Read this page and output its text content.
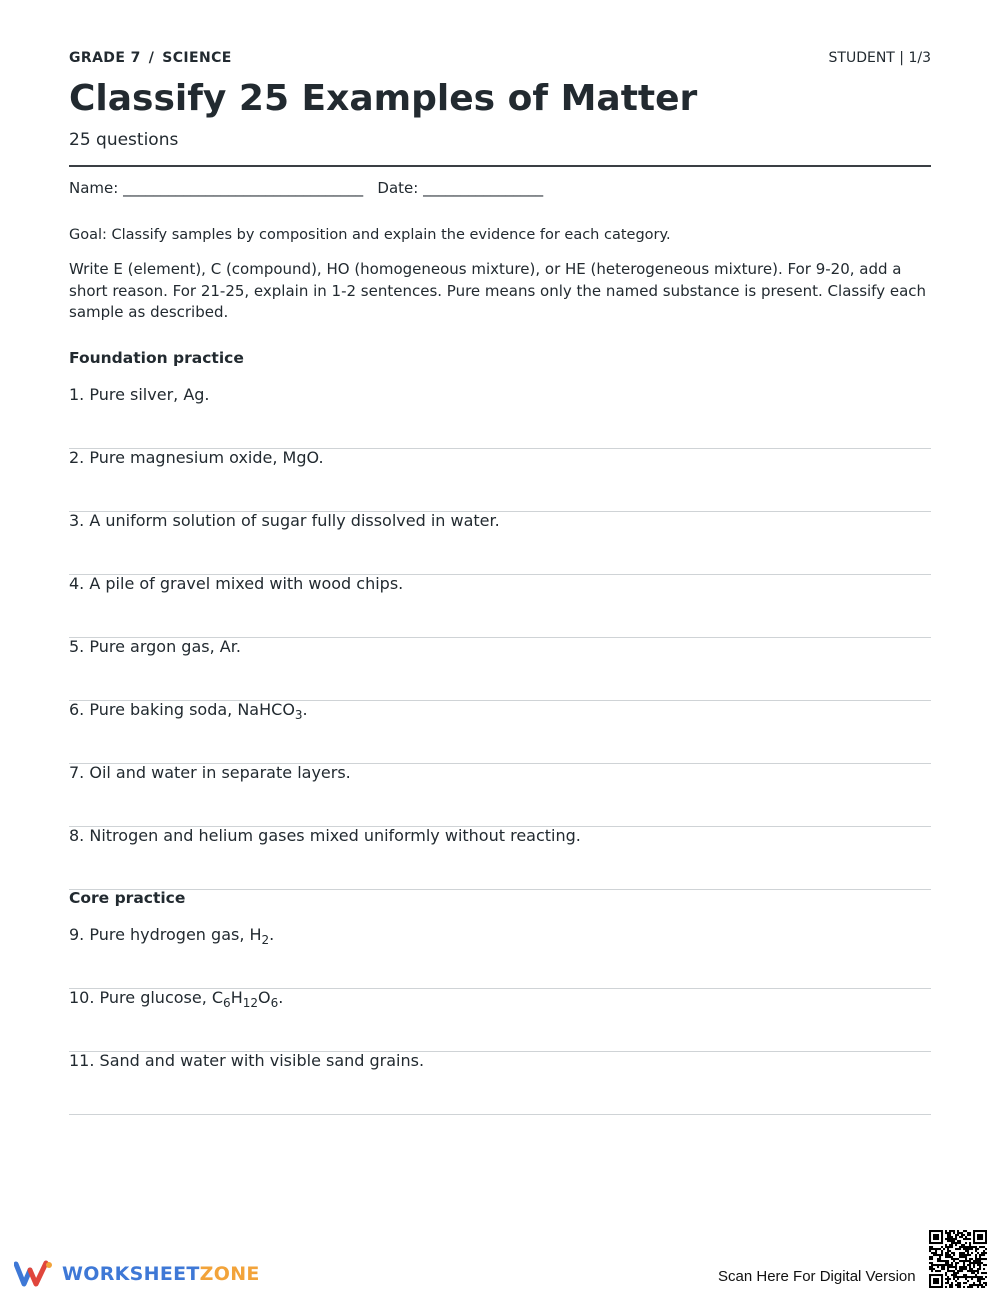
GRADE 7 / SCIENCE	STUDENT | 1/3
Classify 25 Examples of Matter
25 questions
Name: ________________________________ Date: ________________
Goal: Classify samples by composition and explain the evidence for each category.
Write E (element), C (compound), HO (homogeneous mixture), or HE (heterogeneous mixture). For 9-20, add a short reason. For 21-25, explain in 1-2 sentences. Pure means only the named substance is present. Classify each sample as described.
Foundation practice
1. Pure silver, Ag.
2. Pure magnesium oxide, MgO.
3. A uniform solution of sugar fully dissolved in water.
4. A pile of gravel mixed with wood chips.
5. Pure argon gas, Ar.
6. Pure baking soda, NaHCO$_3$.
7. Oil and water in separate layers.
8. Nitrogen and helium gases mixed uniformly without reacting.
Core practice
9. Pure hydrogen gas, $H_2$.
10. Pure glucose, $C_6H_{12}O_6$.
11. Sand and water with visible sand grains.
WORKSHEETZONE	Scan Here For Digital Version
